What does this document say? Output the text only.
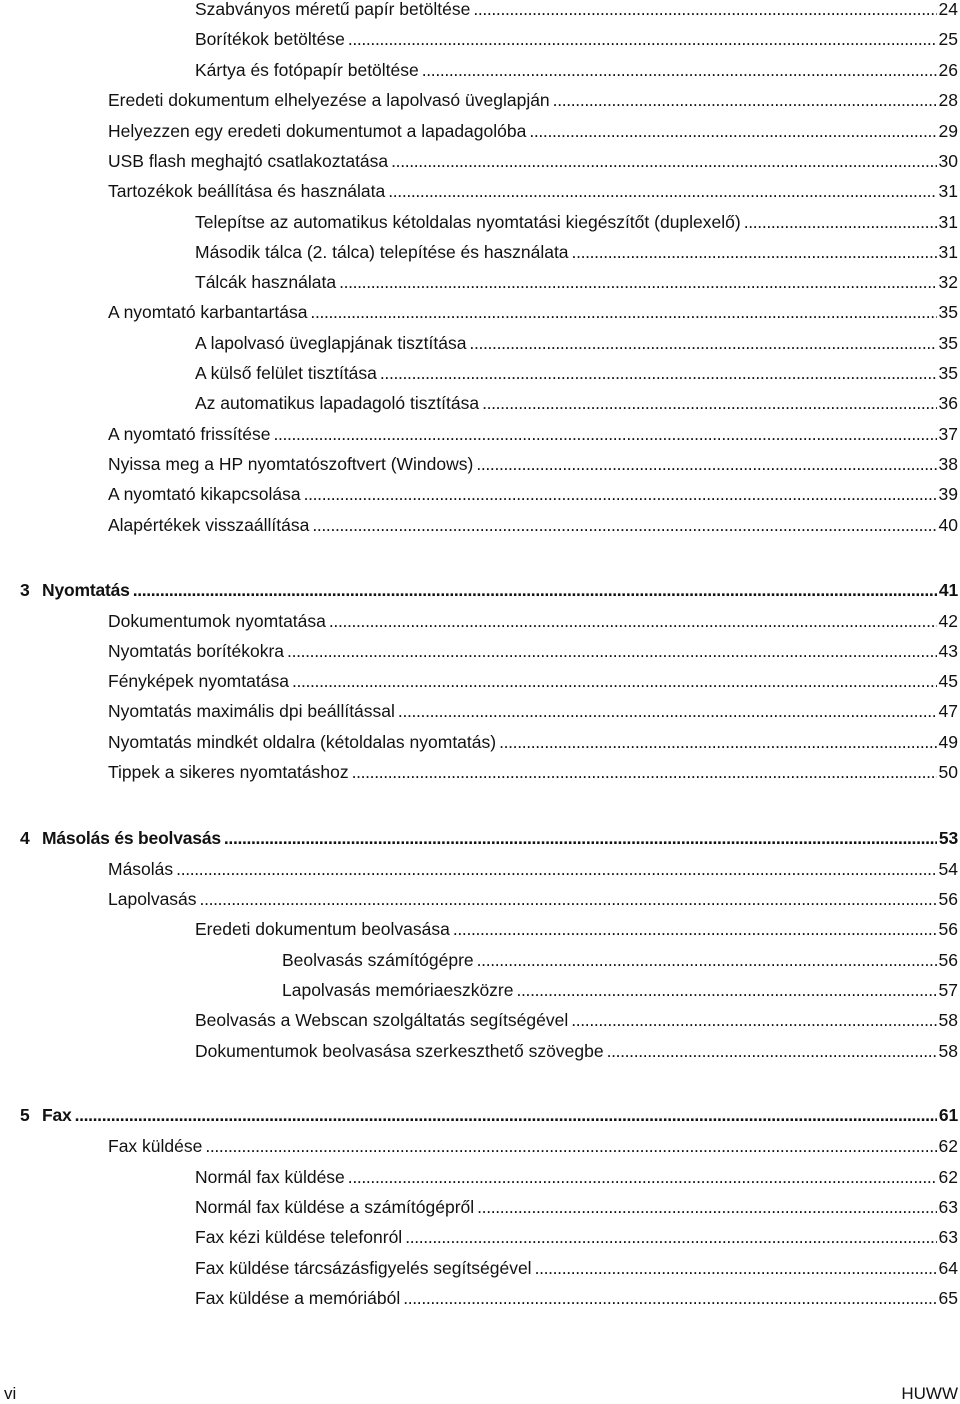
Szabványos méretű papír betöltése . . .	24
Borítékok betöltése . . .	25
Kártya és fotópapír betöltése . . .	26
Eredeti dokumentum elhelyezése a lapolvasó üveglapján . . .	28
Helyezzen egy eredeti dokumentumot a lapadagolóba . . .	29
USB flash meghajtó csatlakoztatása . . .	30
Tartozékok beállítása és használata . . .	31
Telepítse az automatikus kétoldalas nyomtatási kiegészítőt (duplexelő) . . .	31
Második tálca (2. tálca) telepítése és használata . . .	31
Tálcák használata . . .	32
A nyomtató karbantartása . . .	35
A lapolvasó üveglapjának tisztítása . . .	35
A külső felület tisztítása . . .	35
Az automatikus lapadagoló tisztítása . . .	36
A nyomtató frissítése . . .	37
Nyissa meg a HP nyomtatószoftvert (Windows) . . .	38
A nyomtató kikapcsolása . . .	39
Alapértékek visszaállítása . . .	40
3 Nyomtatás . . .	41
Dokumentumok nyomtatása . . .	42
Nyomtatás borítékokra . . .	43
Fényképek nyomtatása . . .	45
Nyomtatás maximális dpi beállítással . . .	47
Nyomtatás mindkét oldalra (kétoldalas nyomtatás) . . .	49
Tippek a sikeres nyomtatáshoz . . .	50
4 Másolás és beolvasás . . .	53
Másolás . . .	54
Lapolvasás . . .	56
Eredeti dokumentum beolvasása . . .	56
Beolvasás számítógépre . . .	56
Lapolvasás memóriaeszközre . . .	57
Beolvasás a Webscan szolgáltatás segítségével . . .	58
Dokumentumok beolvasása szerkeszthető szövegbe . . .	58
5 Fax . . .	61
Fax küldése . . .	62
Normál fax küldése . . .	62
Normál fax küldése a számítógépről . . .	63
Fax kézi küldése telefonról . . .	63
Fax küldése tárcsázásfigyelés segítségével . . .	64
Fax küldése a memóriából . . .	65
vi	HUWW
